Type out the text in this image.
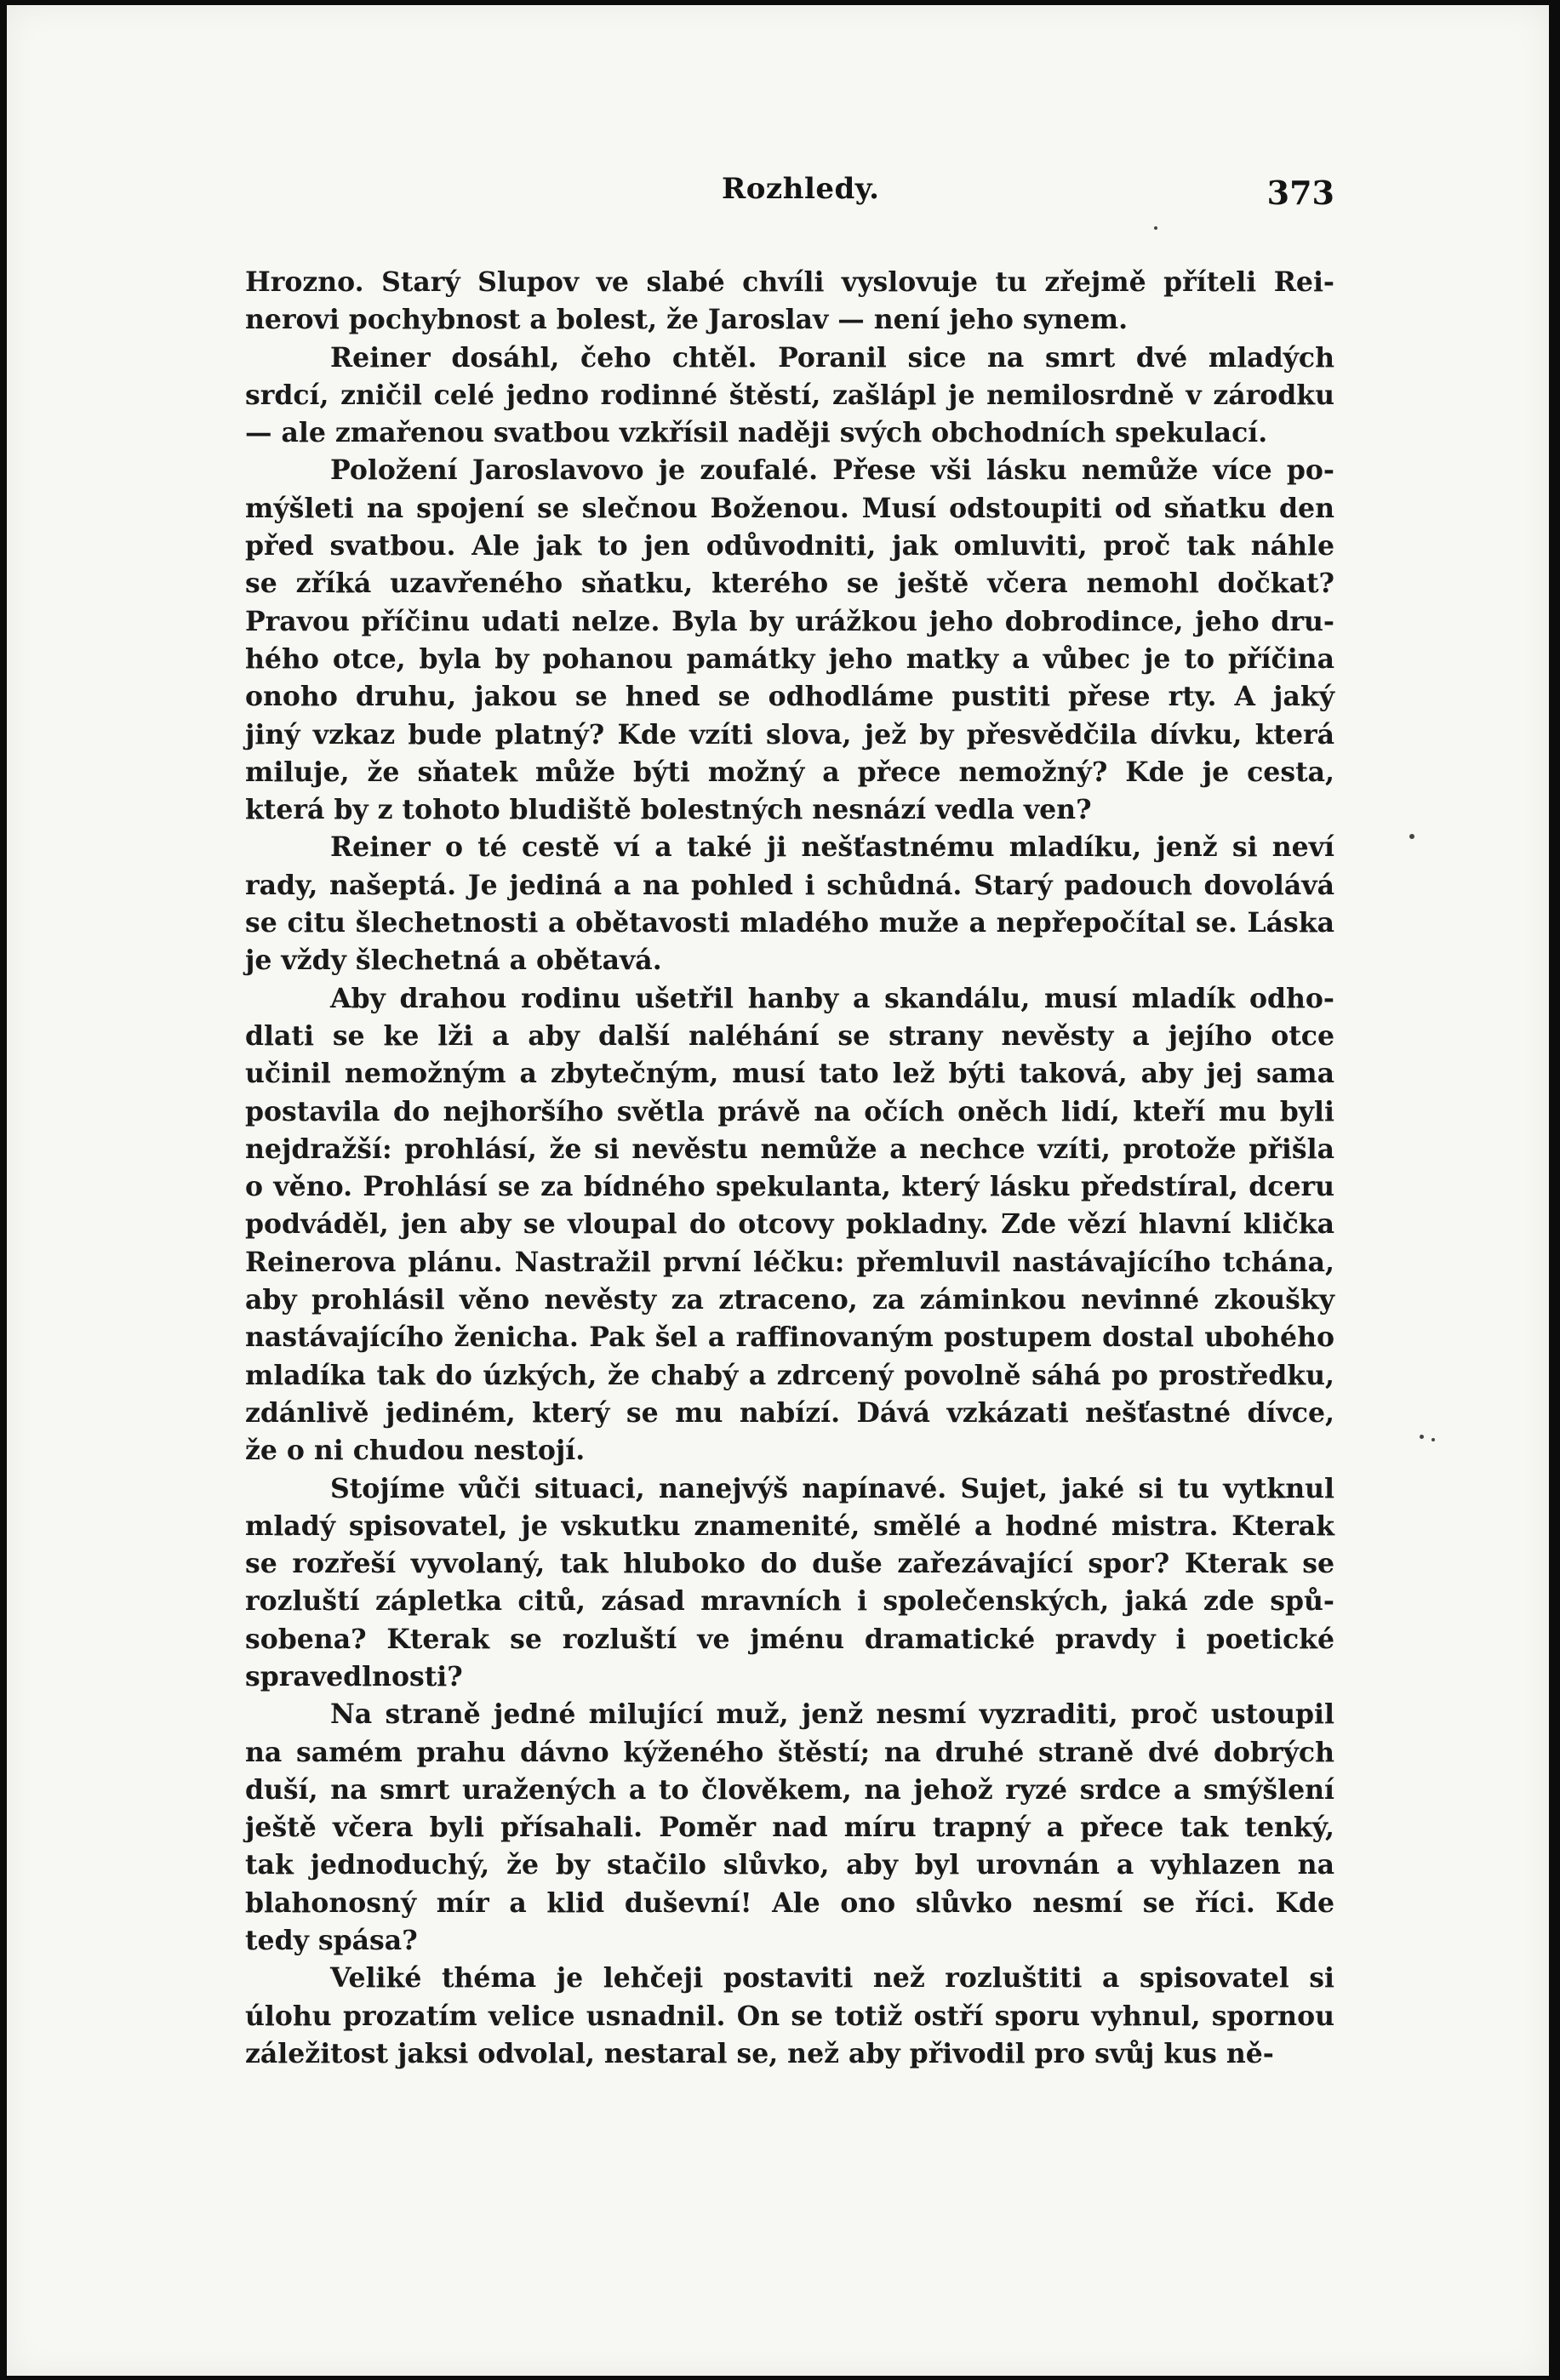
Rozhledy.	373
Hrozno. Starý Slupov ve slabé chvíli vyslovuje tu zřejmě příteli Rei-
nerovi pochybnost a bolest, že Jaroslav — není jeho synem.
Reiner dosáhl, čeho chtěl. Poranil sice na smrt dvé mladých
srdcí, zničil celé jedno rodinné štěstí, zašlápl je nemilosrdně v zárodku
— ale zmařenou svatbou vzkřísil naději svých obchodních spekulací.
Položení Jaroslavovo je zoufalé. Přese vši lásku nemůže více po-
mýšleti na spojení se slečnou Boženou. Musí odstoupiti od sňatku den
před svatbou. Ale jak to jen odůvodniti, jak omluviti, proč tak náhle
se zříká uzavřeného sňatku, kterého se ještě včera nemohl dočkat?
Pravou příčinu udati nelze. Byla by urážkou jeho dobrodince, jeho dru-
hého otce, byla by pohanou památky jeho matky a vůbec je to příčina
onoho druhu, jakou se hned se odhodláme pustiti přese rty. A jaký
jiný vzkaz bude platný? Kde vzíti slova, jež by přesvědčila dívku, která
miluje, že sňatek může býti možný a přece nemožný? Kde je cesta,
která by z tohoto bludiště bolestných nesnází vedla ven?
Reiner o té cestě ví a také ji nešťastnému mladíku, jenž si neví
rady, našeptá. Je jediná a na pohled i schůdná. Starý padouch dovolává
se citu šlechetnosti a obětavosti mladého muže a nepřepočítal se. Láska
je vždy šlechetná a obětavá.
Aby drahou rodinu ušetřil hanby a skandálu, musí mladík odho-
dlati se ke lži a aby další naléhání se strany nevěsty a jejího otce
učinil nemožným a zbytečným, musí tato lež býti taková, aby jej sama
postavila do nejhoršího světla právě na očích oněch lidí, kteří mu byli
nejdražší: prohlásí, že si nevěstu nemůže a nechce vzíti, protože přišla
o věno. Prohlásí se za bídného spekulanta, který lásku předstíral, dceru
podváděl, jen aby se vloupal do otcovy pokladny. Zde vězí hlavní klička
Reinerova plánu. Nastražil první léčku: přemluvil nastávajícího tchána,
aby prohlásil věno nevěsty za ztraceno, za záminkou nevinné zkoušky
nastávajícího ženicha. Pak šel a raffinovaným postupem dostal ubohého
mladíka tak do úzkých, že chabý a zdrcený povolně sáhá po prostředku,
zdánlivě jediném, který se mu nabízí. Dává vzkázati nešťastné dívce,
že o ni chudou nestojí.
Stojíme vůči situaci, nanejvýš napínavé. Sujet, jaké si tu vytknul
mladý spisovatel, je vskutku znamenité, smělé a hodné mistra. Kterak
se rozřeší vyvolaný, tak hluboko do duše zařezávající spor? Kterak se
rozluští zápletka citů, zásad mravních i společenských, jaká zde spů-
sobena? Kterak se rozluští ve jménu dramatické pravdy i poetické
spravedlnosti?
Na straně jedné milující muž, jenž nesmí vyzraditi, proč ustoupil
na samém prahu dávno kýženého štěstí; na druhé straně dvé dobrých
duší, na smrt uražených a to člověkem, na jehož ryzé srdce a smýšlení
ještě včera byli přísahali. Poměr nad míru trapný a přece tak tenký,
tak jednoduchý, že by stačilo slůvko, aby byl urovnán a vyhlazen na
blahonosný mír a klid duševní! Ale ono slůvko nesmí se říci. Kde
tedy spása?
Veliké théma je lehčeji postaviti než rozluštiti a spisovatel si
úlohu prozatím velice usnadnil. On se totiž ostří sporu vyhnul, spornou
záležitost jaksi odvolal, nestaral se, než aby přivodil pro svůj kus ně-
